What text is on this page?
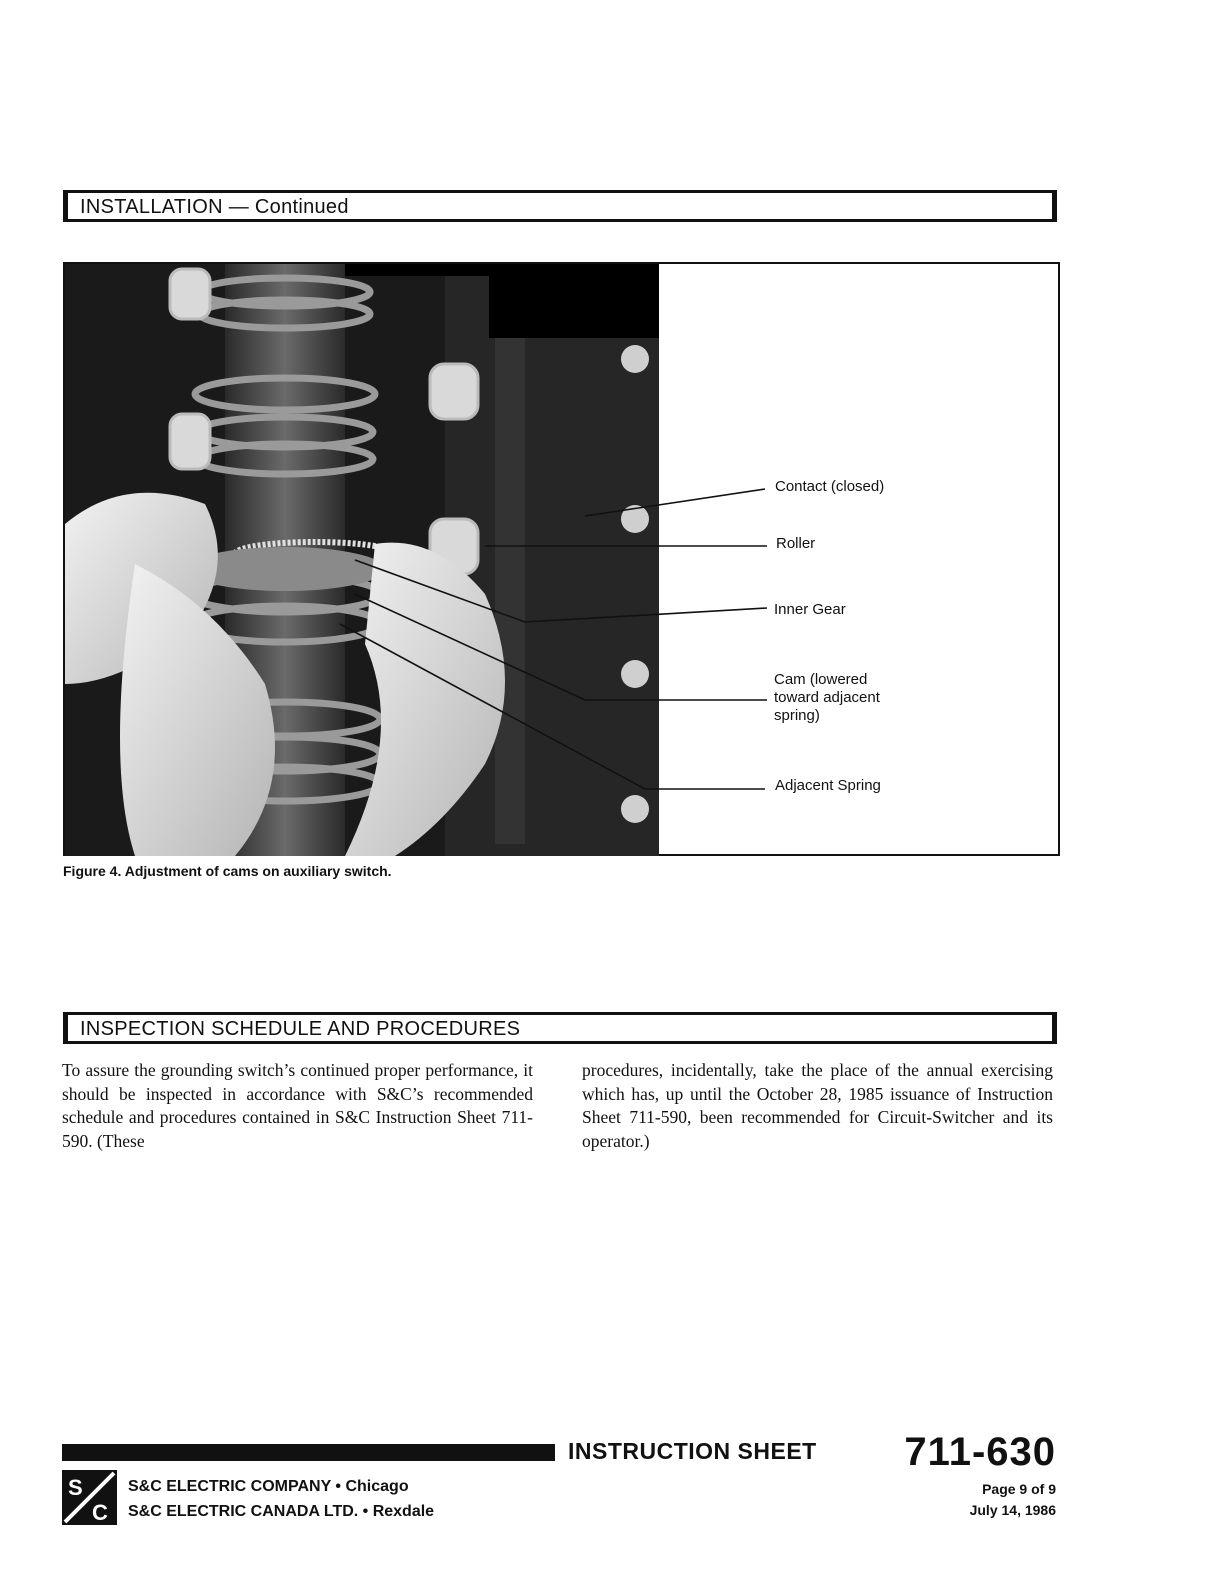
INSTALLATION — Continued
Contact (closed)
Roller
Inner Gear
Cam (lowered
toward adjacent
spring)
Adjacent Spring
Figure 4. Adjustment of cams on auxiliary switch.
INSPECTION SCHEDULE AND PROCEDURES
To assure the grounding switch’s continued proper performance, it should be inspected in accordance with S&C’s recommended schedule and procedures contained in S&C Instruction Sheet 711-590. (These
procedures, incidentally, take the place of the annual exercising which has, up until the October 28, 1985 issuance of Instruction Sheet 711-590, been recommended for Circuit-Switcher and its operator.)
INSTRUCTION SHEET 711-630
S
C
S&C ELECTRIC COMPANY • Chicago
S&C ELECTRIC CANADA LTD. • Rexdale
Page 9 of 9
July 14, 1986
